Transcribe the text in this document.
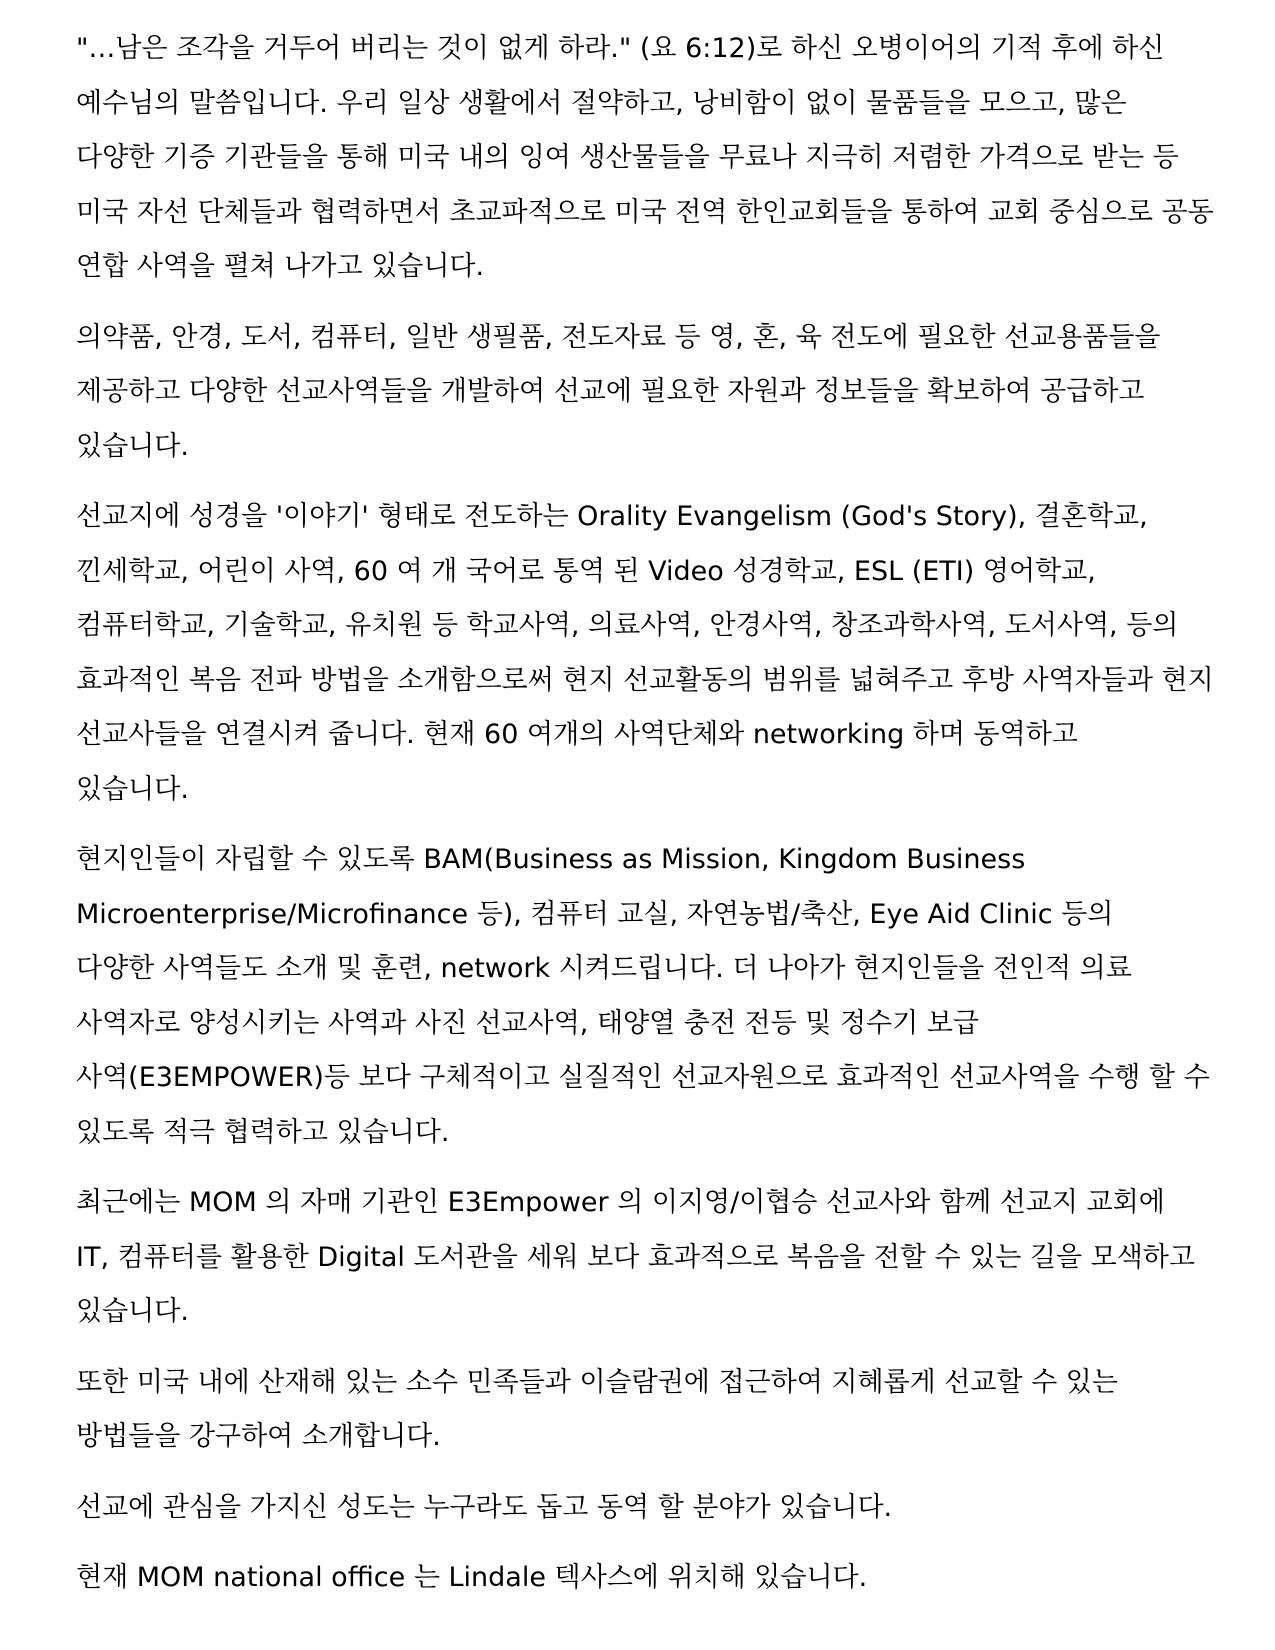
"…남은 조각을 거두어 버리는 것이 없게 하라." (요 6:12)로 하신 오병이어의 기적 후에 하신
예수님의 말씀입니다. 우리 일상 생활에서 절약하고, 낭비함이 없이 물품들을 모으고, 많은
다양한 기증 기관들을 통해 미국 내의 잉여 생산물들을 무료나 지극히 저렴한 가격으로 받는 등
미국 자선 단체들과 협력하면서 초교파적으로 미국 전역 한인교회들을 통하여 교회 중심으로 공동
연합 사역을 펼쳐 나가고 있습니다.

의약품, 안경, 도서, 컴퓨터, 일반 생필품, 전도자료 등 영, 혼, 육 전도에 필요한 선교용품들을
제공하고 다양한 선교사역들을 개발하여 선교에 필요한 자원과 정보들을 확보하여 공급하고
있습니다.

선교지에 성경을 '이야기' 형태로 전도하는 Orality Evangelism (God's Story), 결혼학교,
낀세학교, 어린이 사역, 60 여 개 국어로 통역 된 Video 성경학교, ESL (ETI) 영어학교,
컴퓨터학교, 기술학교, 유치원 등 학교사역, 의료사역, 안경사역, 창조과학사역, 도서사역, 등의
효과적인 복음 전파 방법을 소개함으로써 현지 선교활동의 범위를 넓혀주고 후방 사역자들과 현지
선교사들을 연결시켜 줍니다. 현재 60 여개의 사역단체와 networking 하며 동역하고
있습니다.

현지인들이 자립할 수 있도록 BAM(Business as Mission, Kingdom Business
Microenterprise/Microfinance 등), 컴퓨터 교실, 자연농법/축산, Eye Aid Clinic 등의
다양한 사역들도 소개 및 훈련, network 시켜드립니다. 더 나아가 현지인들을 전인적 의료
사역자로 양성시키는 사역과 사진 선교사역, 태양열 충전 전등 및 정수기 보급
사역(E3EMPOWER)등 보다 구체적이고 실질적인 선교자원으로 효과적인 선교사역을 수행 할 수
있도록 적극 협력하고 있습니다.

최근에는 MOM 의 자매 기관인 E3Empower 의 이지영/이협승 선교사와 함께 선교지 교회에
IT, 컴퓨터를 활용한 Digital 도서관을 세워 보다 효과적으로 복음을 전할 수 있는 길을 모색하고
있습니다.

또한 미국 내에 산재해 있는 소수 민족들과 이슬람권에 접근하여 지혜롭게 선교할 수 있는
방법들을 강구하여 소개합니다.

선교에 관심을 가지신 성도는 누구라도 돕고 동역 할 분야가 있습니다.

현재 MOM national office 는 Lindale 텍사스에 위치해 있습니다.
